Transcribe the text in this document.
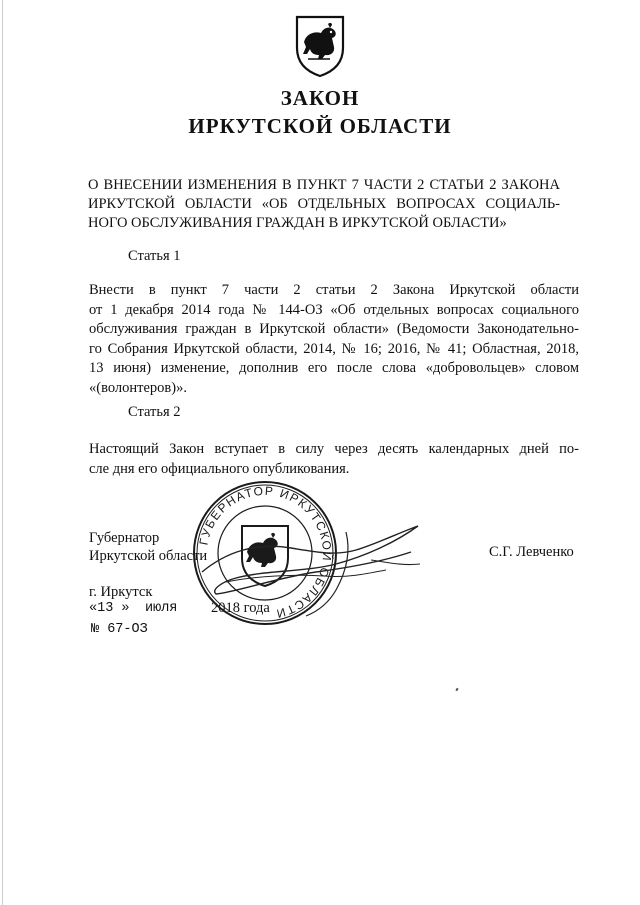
ЗАКОН
ИРКУТСКОЙ ОБЛАСТИ

О ВНЕСЕНИИ ИЗМЕНЕНИЯ В ПУНКТ 7 ЧАСТИ 2 СТАТЬИ 2 ЗАКОНА
ИРКУТСКОЙ ОБЛАСТИ «ОБ ОТДЕЛЬНЫХ ВОПРОСАХ СОЦИАЛЬ-
НОГО ОБСЛУЖИВАНИЯ ГРАЖДАН В ИРКУТСКОЙ ОБЛАСТИ»

Статья 1

Внести в пункт 7 части 2 статьи 2 Закона Иркутской области
от 1 декабря 2014 года № 144-ОЗ «Об отдельных вопросах социального
обслуживания граждан в Иркутской области» (Ведомости Законодательно-
го Собрания Иркутской области, 2014, № 16; 2016, № 41; Областная, 2018,
13 июня) изменение, дополнив его после слова «добровольцев» словом
«(волонтеров)».

Статья 2

Настоящий Закон вступает в силу через десять календарных дней по-
сле дня его официального опубликования.

Губернатор
Иркутской области	С.Г. Левченко

г. Иркутск

«13 » июля 2018 года

№ 67-ОЗ

ГУБЕРНАТОР ИРКУТСКОЙ ОБЛАСТИ
